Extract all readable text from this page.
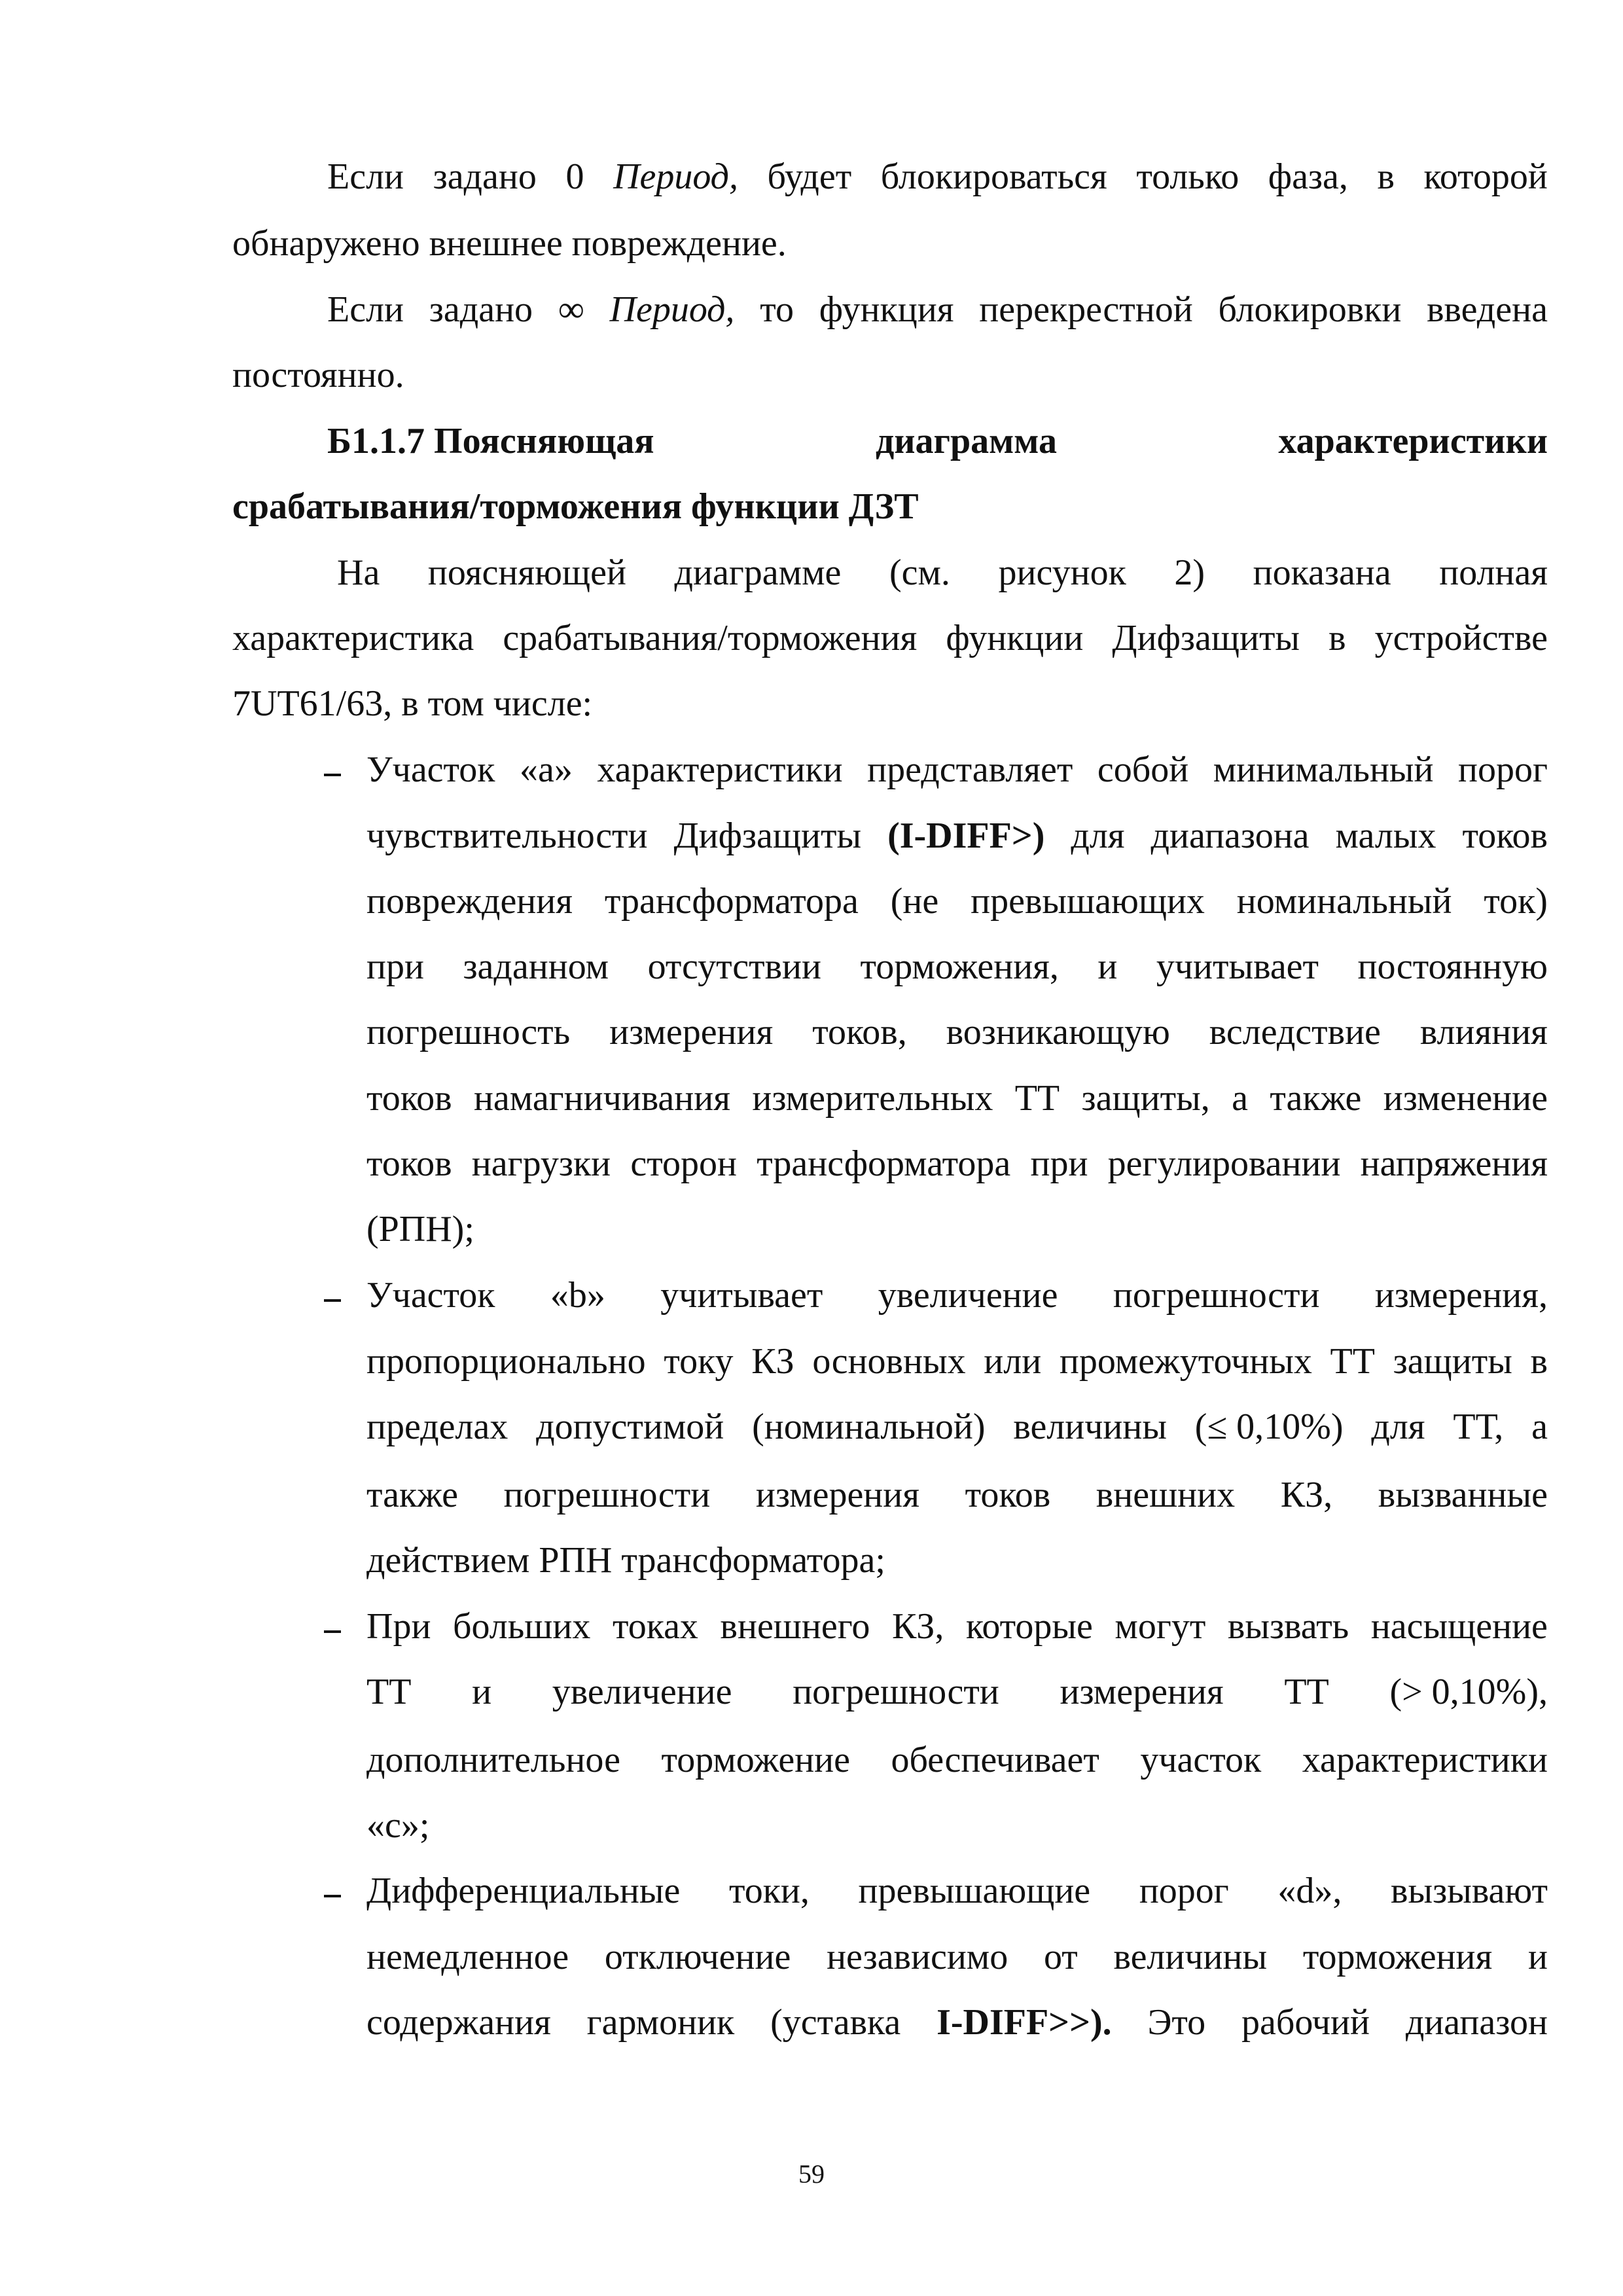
Если задано 0 Период, будет блокироваться только фаза, в которой
обнаружено внешнее повреждение.
Если задано ∞ Период, то функция перекрестной блокировки введена
постоянно.
Б1.1.7 Поясняющая	диаграмма	характеристики
срабатывания/торможения функции ДЗТ
На поясняющей диаграмме (см. рисунок 2) показана полная
характеристика срабатывания/торможения функции Дифзащиты в устройстве
7UT61/63, в том числе:
Участок «а» характеристики представляет собой минимальный порог
чувствительности Дифзащиты (I-DIFF>) для диапазона малых токов
повреждения трансформатора (не превышающих номинальный ток)
при заданном отсутствии торможения, и учитывает постоянную
погрешность измерения токов, возникающую вследствие влияния
токов намагничивания измерительных ТТ защиты, а также изменение
токов нагрузки сторон трансформатора при регулировании напряжения
(РПН);
Участок «b» учитывает увеличение погрешности измерения,
пропорционально току КЗ основных или промежуточных ТТ защиты в
пределах допустимой (номинальной) величины (≤ 0,10%) для ТТ, а
также погрешности измерения токов внешних КЗ, вызванные
действием РПН трансформатора;
При больших токах внешнего КЗ, которые могут вызвать насыщение
ТТ и увеличение погрешности измерения ТТ (> 0,10%),
дополнительное торможение обеспечивает участок характеристики
«с»;
Дифференциальные токи, превышающие порог «d», вызывают
немедленное отключение независимо от величины торможения и
содержания гармоник (уставка I-DIFF>>). Это рабочий диапазон
59
